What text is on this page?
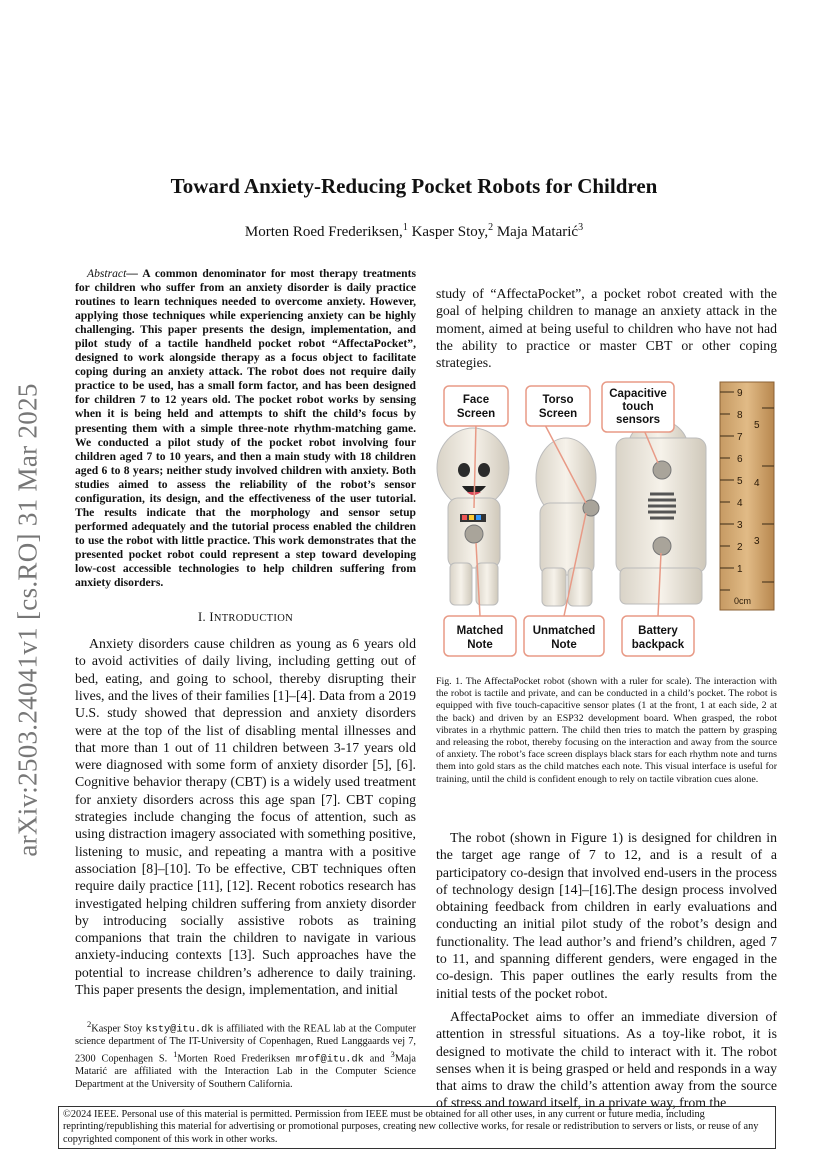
arXiv:2503.24041v1 [cs.RO] 31 Mar 2025
Toward Anxiety-Reducing Pocket Robots for Children
Morten Roed Frederiksen,$^1$ Kasper Stoy,$^2$ Maja Matarić$^3$

Abstract— A common denominator for most therapy treatments for children who suffer from an anxiety disorder is daily practice routines to learn techniques needed to overcome anxiety. However, applying those techniques while experiencing anxiety can be highly challenging. This paper presents the design, implementation, and pilot study of a tactile handheld pocket robot “AffectaPocket”, designed to work alongside therapy as a focus object to facilitate coping during an anxiety attack. The robot does not require daily practice to be used, has a small form factor, and has been designed for children 7 to 12 years old. The pocket robot works by sensing when it is being held and attempts to shift the child’s focus by presenting them with a simple three-note rhythm-matching game. We conducted a pilot study of the pocket robot involving four children aged 7 to 10 years, and then a main study with 18 children aged 6 to 8 years; neither study involved children with anxiety. Both studies aimed to assess the reliability of the robot’s sensor configuration, its design, and the effectiveness of the user tutorial. The results indicate that the morphology and sensor setup performed adequately and the tutorial process enabled the children to use the robot with little practice. This work demonstrates that the presented pocket robot could represent a step toward developing low-cost accessible technologies to help children suffering from anxiety disorders.

I. INTRODUCTION

Anxiety disorders cause children as young as 6 years old to avoid activities of daily living, including getting out of bed, eating, and going to school, thereby disrupting their lives, and the lives of their families [1]–[4]. Data from a 2019 U.S. study showed that depression and anxiety disorders were at the top of the list of disabling mental illnesses and that more than 1 out of 11 children between 3-17 years old were diagnosed with some form of anxiety disorder [5], [6]. Cognitive behavior therapy (CBT) is a widely used treatment for anxiety disorders across this age span [7]. CBT coping strategies include changing the focus of attention, such as using distraction imagery associated with something positive, listening to music, and repeating a mantra with a positive association [8]–[10]. To be effective, CBT techniques often require daily practice [11], [12]. Recent robotics research has investigated helping children suffering from anxiety disorder by introducing socially assistive robots as training companions that train the children to navigate in various anxiety-inducing contexts [13]. Such approaches have the potential to increase children’s adherence to daily training. This paper presents the design, implementation, and initial

study of “AffectaPocket”, a pocket robot created with the goal of helping children to manage an anxiety attack in the moment, aimed at being useful to children who have not had the ability to practice or master CBT or other coping strategies.

9
8
7
6
5
4
3
2
1
0cm
5
4
3
Face
Screen
Torso
Screen
Capacitive
touch
sensors
Matched
Note
Unmatched
Note
Battery
backpack
Fig. 1. The AffectaPocket robot (shown with a ruler for scale). The interaction with the robot is tactile and private, and can be conducted in a child’s pocket. The robot is equipped with five touch-capacitive sensor plates (1 at the front, 1 at each side, 2 at the back) and driven by an ESP32 development board. When grasped, the robot vibrates in a rhythmic pattern. The child then tries to match the pattern by grasping and releasing the robot, thereby focusing on the interaction and away from the source of anxiety. The robot’s face screen displays black stars for each rhythm note and turns them into gold stars as the child matches each note. This visual interface is useful for training, until the child is confident enough to rely on tactile vibration cues alone.

The robot (shown in Figure 1) is designed for children in the target age range of 7 to 12, and is a result of a participatory co-design that involved end-users in the process of technology design [14]–[16].The design process involved obtaining feedback from children in early evaluations and conducting an initial pilot study of the robot’s design and functionality. The lead author’s and friend’s children, aged 7 to 11, and spanning different genders, were engaged in the co-design. This paper outlines the early results from the initial tests of the pocket robot.

AffectaPocket aims to offer an immediate diversion of attention in stressful situations. As a toy-like robot, it is designed to motivate the child to interact with it. The robot senses when it is being grasped or held and responds in a way that aims to draw the child’s attention away from the source of stress and toward itself, in a private way, from the

$^2$Kasper Stoy ksty@itu.dk is affiliated with the REAL lab at the Computer science department of The IT-University of Copenhagen, Rued Langgaards vej 7, 2300 Copenhagen S. $^1$Morten Roed Frederiksen mrof@itu.dk and $^3$Maja Matarić are affiliated with the Interaction Lab in the Computer Science Department at the University of Southern California.
©2024 IEEE. Personal use of this material is permitted. Permission from IEEE must be obtained for all other uses, in any current or future media, including reprinting/republishing this material for advertising or promotional purposes, creating new collective works, for resale or redistribution to servers or lists, or reuse of any copyrighted component of this work in other works.
